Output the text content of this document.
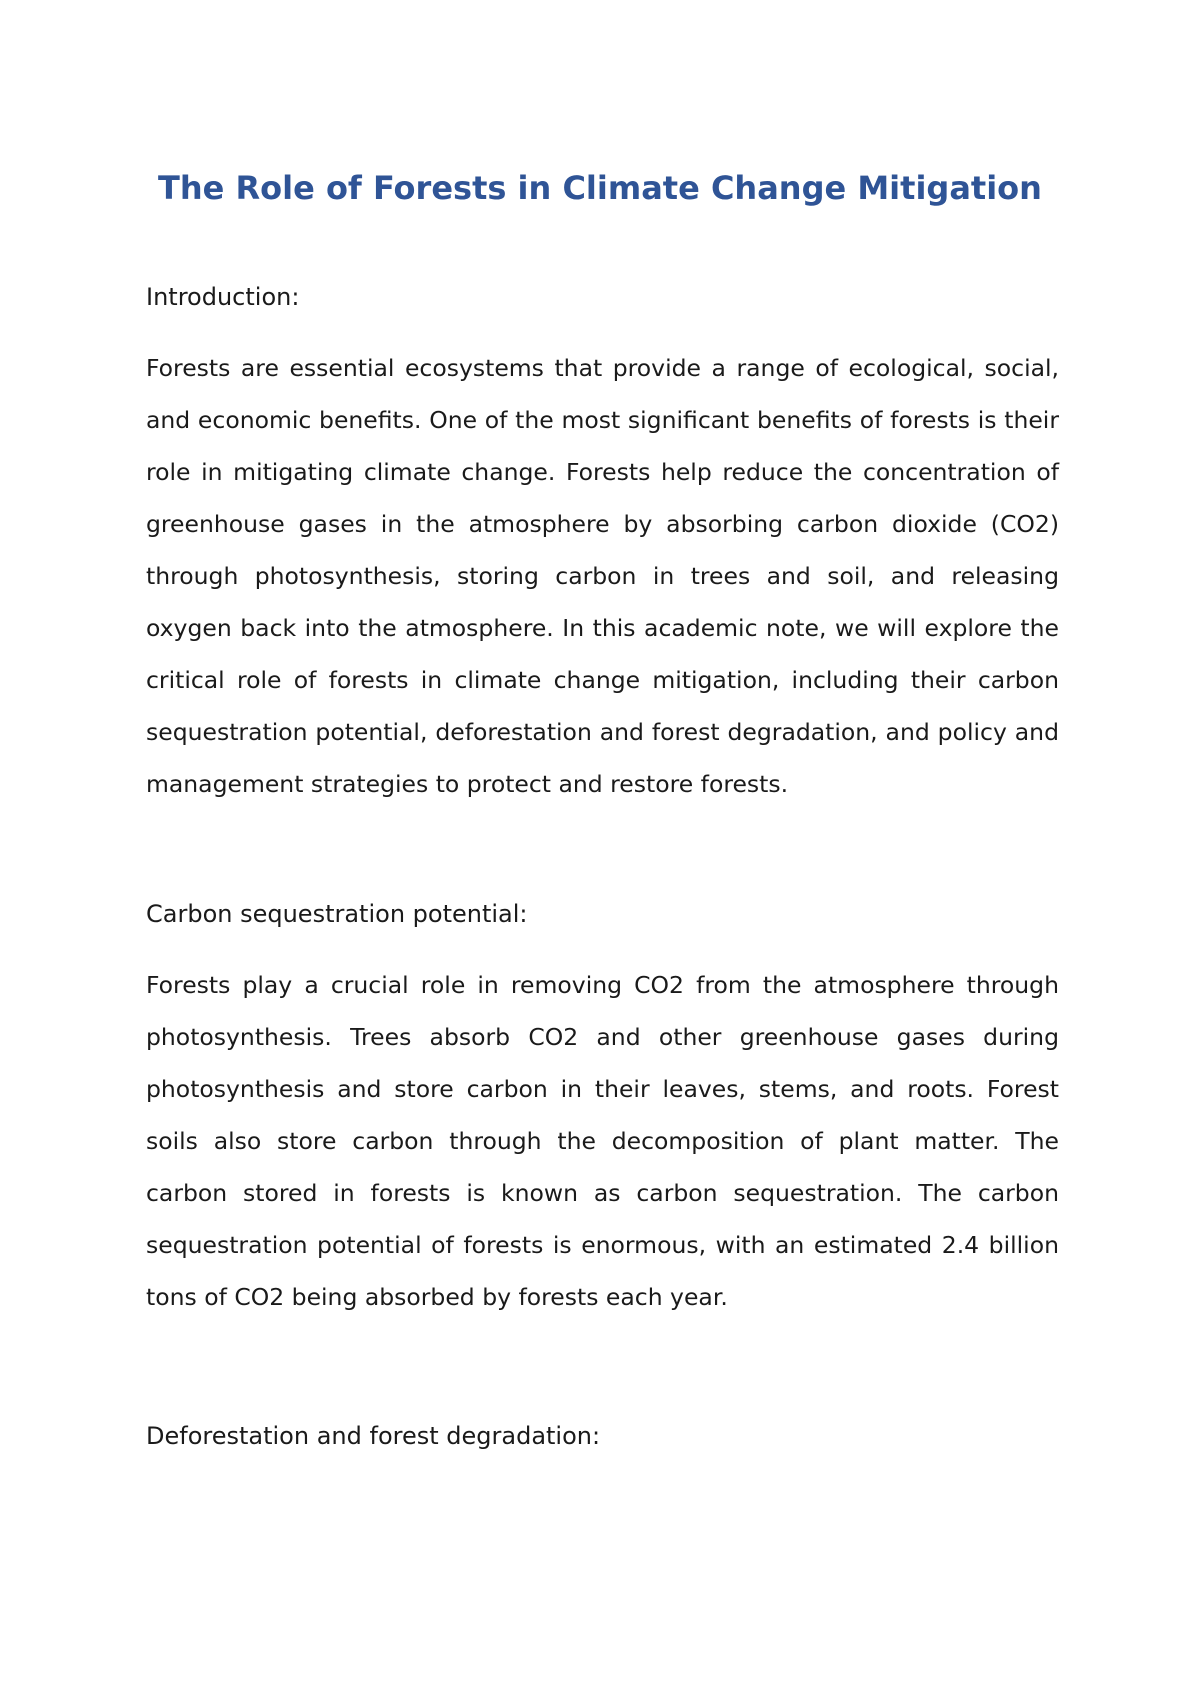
The Role of Forests in Climate Change Mitigation
Introduction:

Forests are essential ecosystems that provide a range of ecological, social, and economic benefits. One of the most significant benefits of forests is their role in mitigating climate change. Forests help reduce the concentration of greenhouse gases in the atmosphere by absorbing carbon dioxide (CO2) through photosynthesis, storing carbon in trees and soil, and releasing oxygen back into the atmosphere. In this academic note, we will explore the critical role of forests in climate change mitigation, including their carbon sequestration potential, deforestation and forest degradation, and policy and management strategies to protect and restore forests.

Carbon sequestration potential:

Forests play a crucial role in removing CO2 from the atmosphere through photosynthesis. Trees absorb CO2 and other greenhouse gases during photosynthesis and store carbon in their leaves, stems, and roots. Forest soils also store carbon through the decomposition of plant matter. The carbon stored in forests is known as carbon sequestration. The carbon sequestration potential of forests is enormous, with an estimated 2.4 billion tons of CO2 being absorbed by forests each year.

Deforestation and forest degradation:
